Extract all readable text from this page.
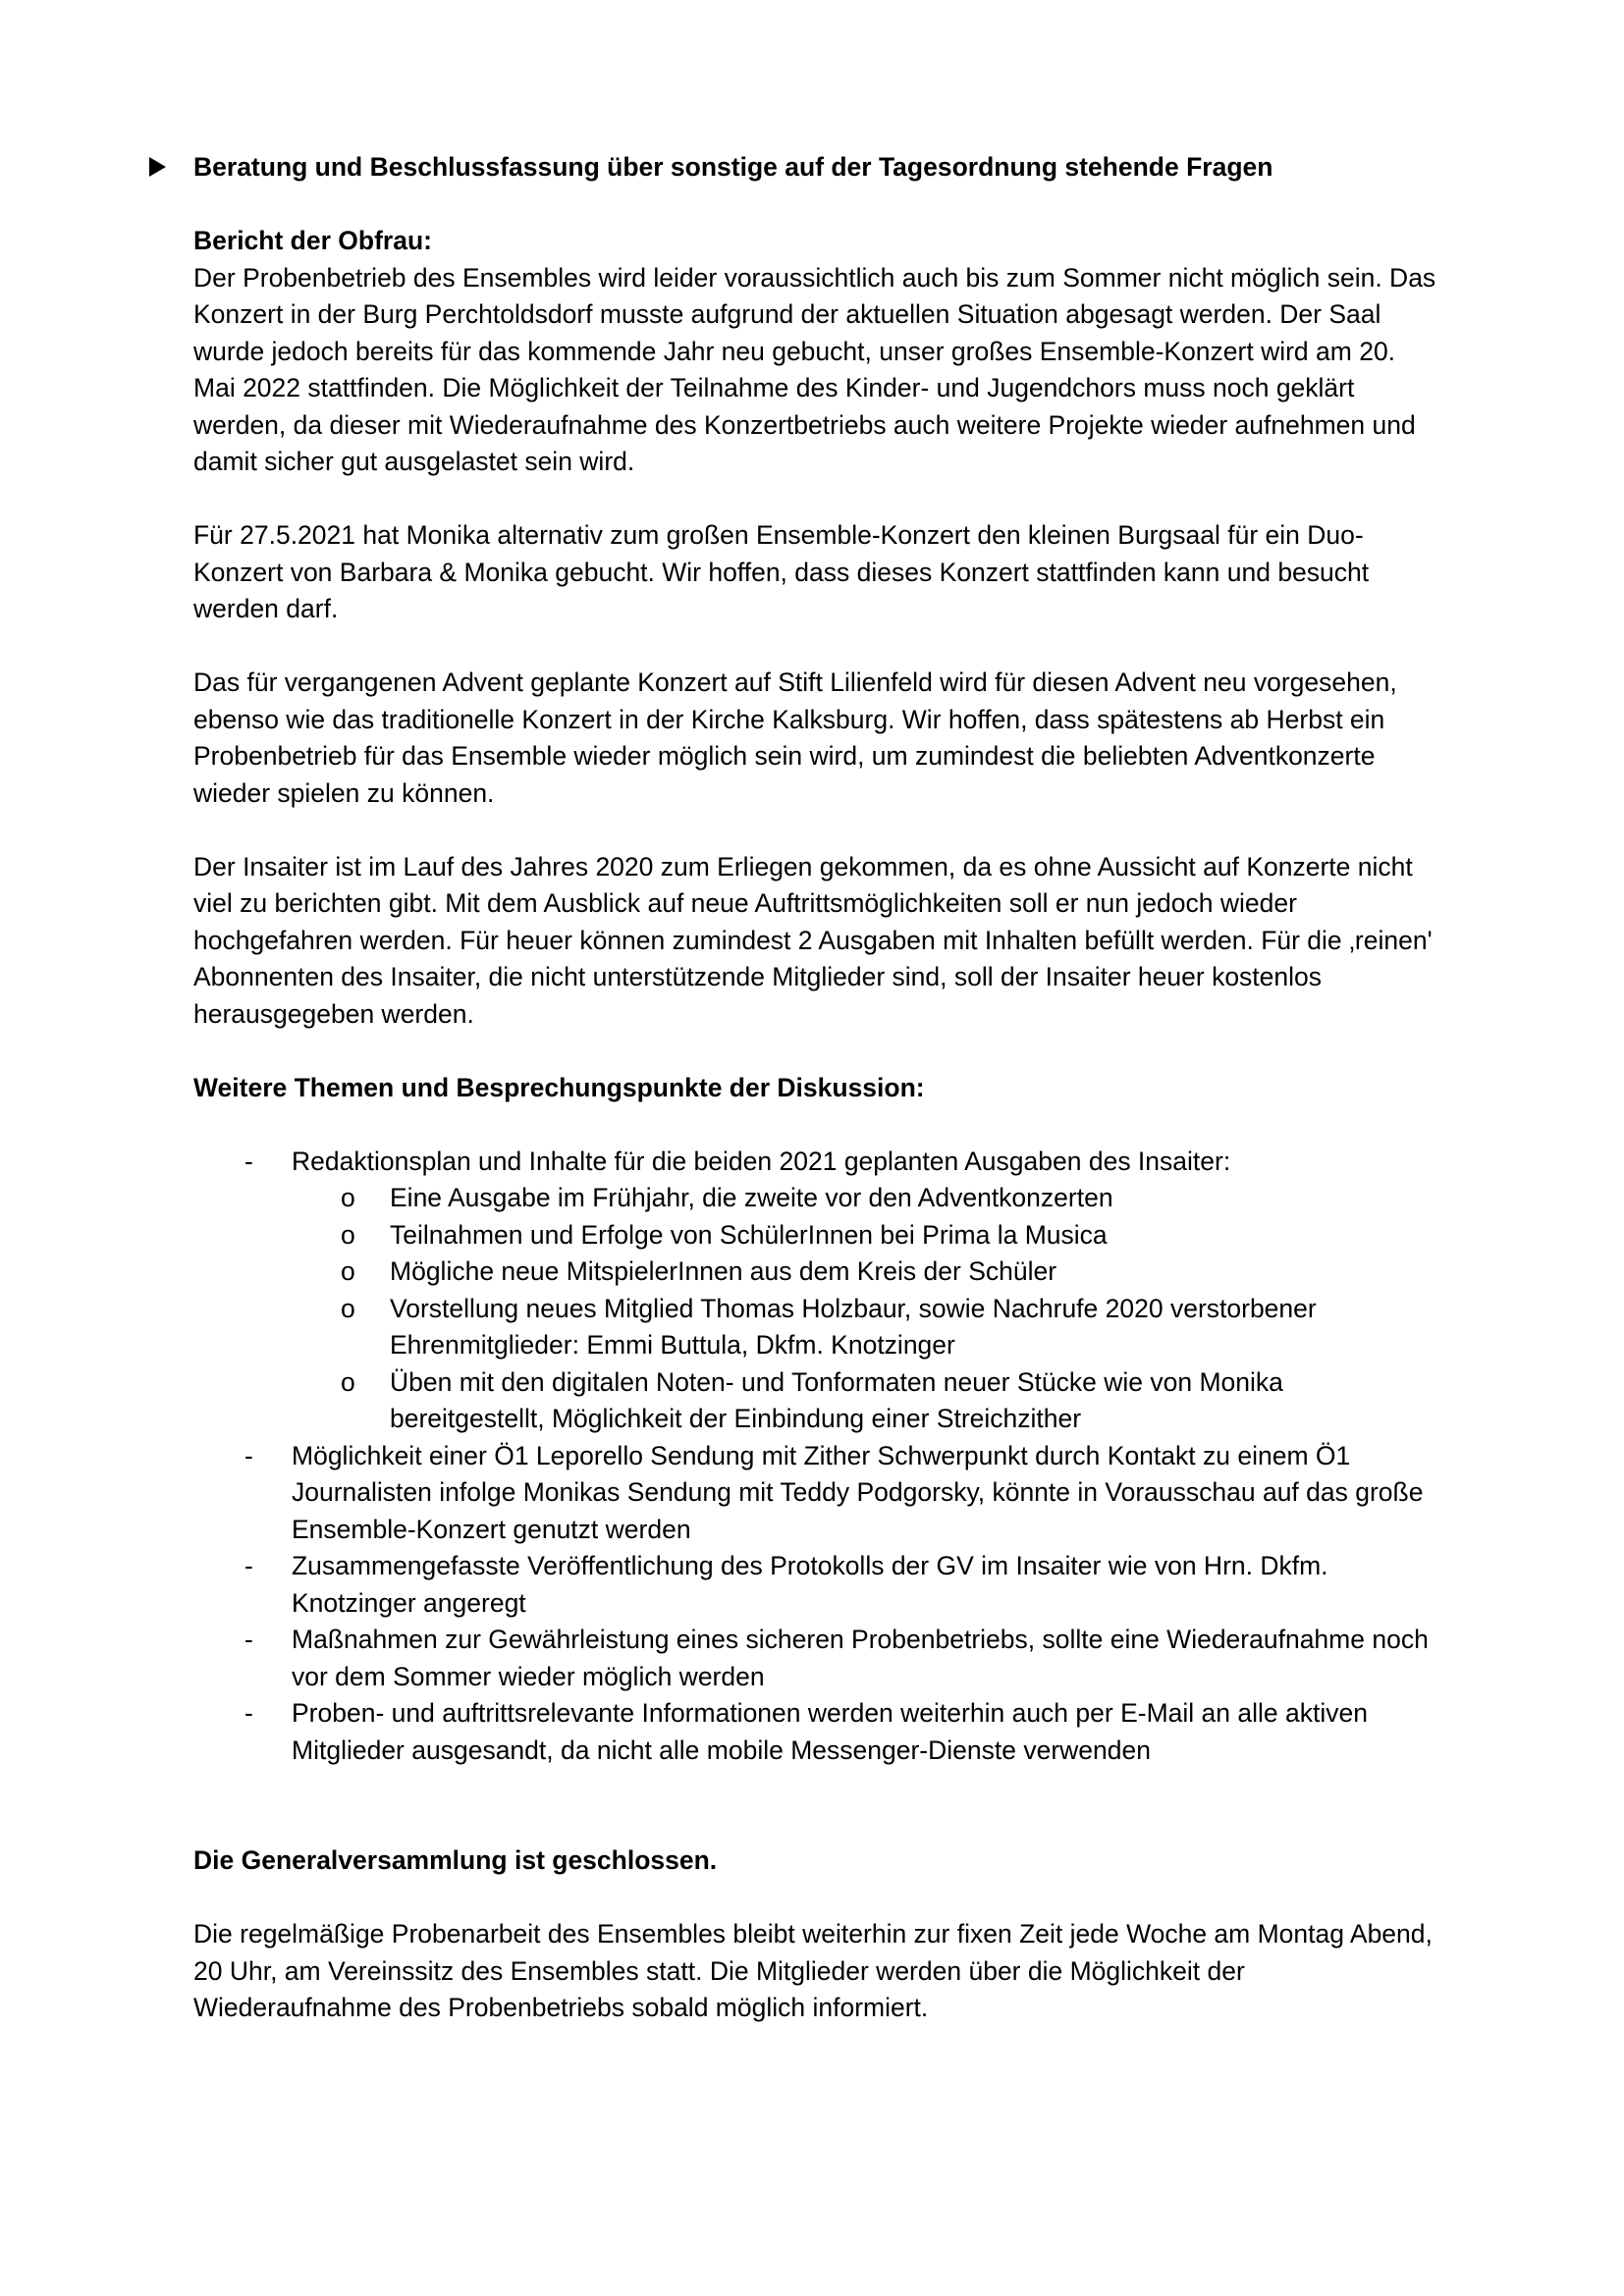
Beratung und Beschlussfassung über sonstige auf der Tagesordnung stehende Fragen

Bericht der Obfrau:

Der Probenbetrieb des Ensembles wird leider voraussichtlich auch bis zum Sommer nicht möglich sein. Das Konzert in der Burg Perchtoldsdorf musste aufgrund der aktuellen Situation abgesagt werden. Der Saal wurde jedoch bereits für das kommende Jahr neu gebucht, unser großes Ensemble-Konzert wird am 20. Mai 2022 stattfinden. Die Möglichkeit der Teilnahme des Kinder- und Jugendchors muss noch geklärt werden, da dieser mit Wiederaufnahme des Konzertbetriebs auch weitere Projekte wieder aufnehmen und damit sicher gut ausgelastet sein wird.

Für 27.5.2021 hat Monika alternativ zum großen Ensemble-Konzert den kleinen Burgsaal für ein Duo-Konzert von Barbara & Monika gebucht. Wir hoffen, dass dieses Konzert stattfinden kann und besucht werden darf.

Das für vergangenen Advent geplante Konzert auf Stift Lilienfeld wird für diesen Advent neu vorgesehen, ebenso wie das traditionelle Konzert in der Kirche Kalksburg. Wir hoffen, dass spätestens ab Herbst ein Probenbetrieb für das Ensemble wieder möglich sein wird, um zumindest die beliebten Adventkonzerte wieder spielen zu können.

Der Insaiter ist im Lauf des Jahres 2020 zum Erliegen gekommen, da es ohne Aussicht auf Konzerte nicht viel zu berichten gibt. Mit dem Ausblick auf neue Auftrittsmöglichkeiten soll er nun jedoch wieder hochgefahren werden. Für heuer können zumindest 2 Ausgaben mit Inhalten befüllt werden. Für die ‚reinen' Abonnenten des Insaiter, die nicht unterstützende Mitglieder sind, soll der Insaiter heuer kostenlos herausgegeben werden.

Weitere Themen und Besprechungspunkte der Diskussion:
- Redaktionsplan und Inhalte für die beiden 2021 geplanten Ausgaben des Insaiter:
o Eine Ausgabe im Frühjahr, die zweite vor den Adventkonzerten
o Teilnahmen und Erfolge von SchülerInnen bei Prima la Musica
o Mögliche neue MitspielerInnen aus dem Kreis der Schüler
o Vorstellung neues Mitglied Thomas Holzbaur, sowie Nachrufe 2020 verstorbener Ehrenmitglieder: Emmi Buttula, Dkfm. Knotzinger
o Üben mit den digitalen Noten- und Tonformaten neuer Stücke wie von Monika bereitgestellt, Möglichkeit der Einbindung einer Streichzither
- Möglichkeit einer Ö1 Leporello Sendung mit Zither Schwerpunkt durch Kontakt zu einem Ö1 Journalisten infolge Monikas Sendung mit Teddy Podgorsky, könnte in Vorausschau auf das große Ensemble-Konzert genutzt werden
- Zusammengefasste Veröffentlichung des Protokolls der GV im Insaiter wie von Hrn. Dkfm. Knotzinger angeregt
- Maßnahmen zur Gewährleistung eines sicheren Probenbetriebs, sollte eine Wiederaufnahme noch vor dem Sommer wieder möglich werden
- Proben- und auftrittsrelevante Informationen werden weiterhin auch per E-Mail an alle aktiven Mitglieder ausgesandt, da nicht alle mobile Messenger-Dienste verwenden

Die Generalversammlung ist geschlossen.

Die regelmäßige Probenarbeit des Ensembles bleibt weiterhin zur fixen Zeit jede Woche am Montag Abend, 20 Uhr, am Vereinssitz des Ensembles statt. Die Mitglieder werden über die Möglichkeit der Wiederaufnahme des Probenbetriebs sobald möglich informiert.
